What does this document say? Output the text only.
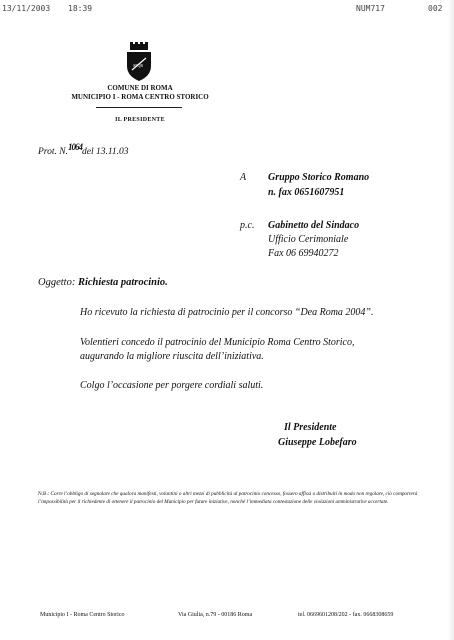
13/11/2003 18:39	NUM717	002
SPQR
COMUNE DI ROMA
MUNICIPIO I - ROMA CENTRO STORICO
IL PRESIDENTE
Prot. N.1064del 13.11.03
A Gruppo Storico Romano
n. fax 0651607951
p.c. Gabinetto del Sindaco
Ufficio Cerimoniale
Fax 06 69940272
Oggetto: Richiesta patrocinio.
Ho ricevuto la richiesta di patrocinio per il concorso “Dea Roma 2004”.
Volentieri concedo il patrocinio del Municipio Roma Centro Storico,
augurando la migliore riuscita dell’iniziativa.
Colgo l’occasione per porgere cordiali saluti.
Il Presidente
Giuseppe Lobefaro
N.B.: Corre l’obbligo di segnalare che qualora manifesti, volantini o altri mezzi di pubblicità al patrocinio concesso, fossero affissi o distribuiti in modo non regolare, ciò comporterà l’impossibilità per il richiedente di ottenere il patrocinio del Municipio per future iniziative, nonché l’immediata contestazione delle violazioni amministrative accertate.
Municipio I - Roma Centro Storico	Via Giulia, n.79 - 00186 Roma	tel. 0669601208/202 - fax. 0668308659
